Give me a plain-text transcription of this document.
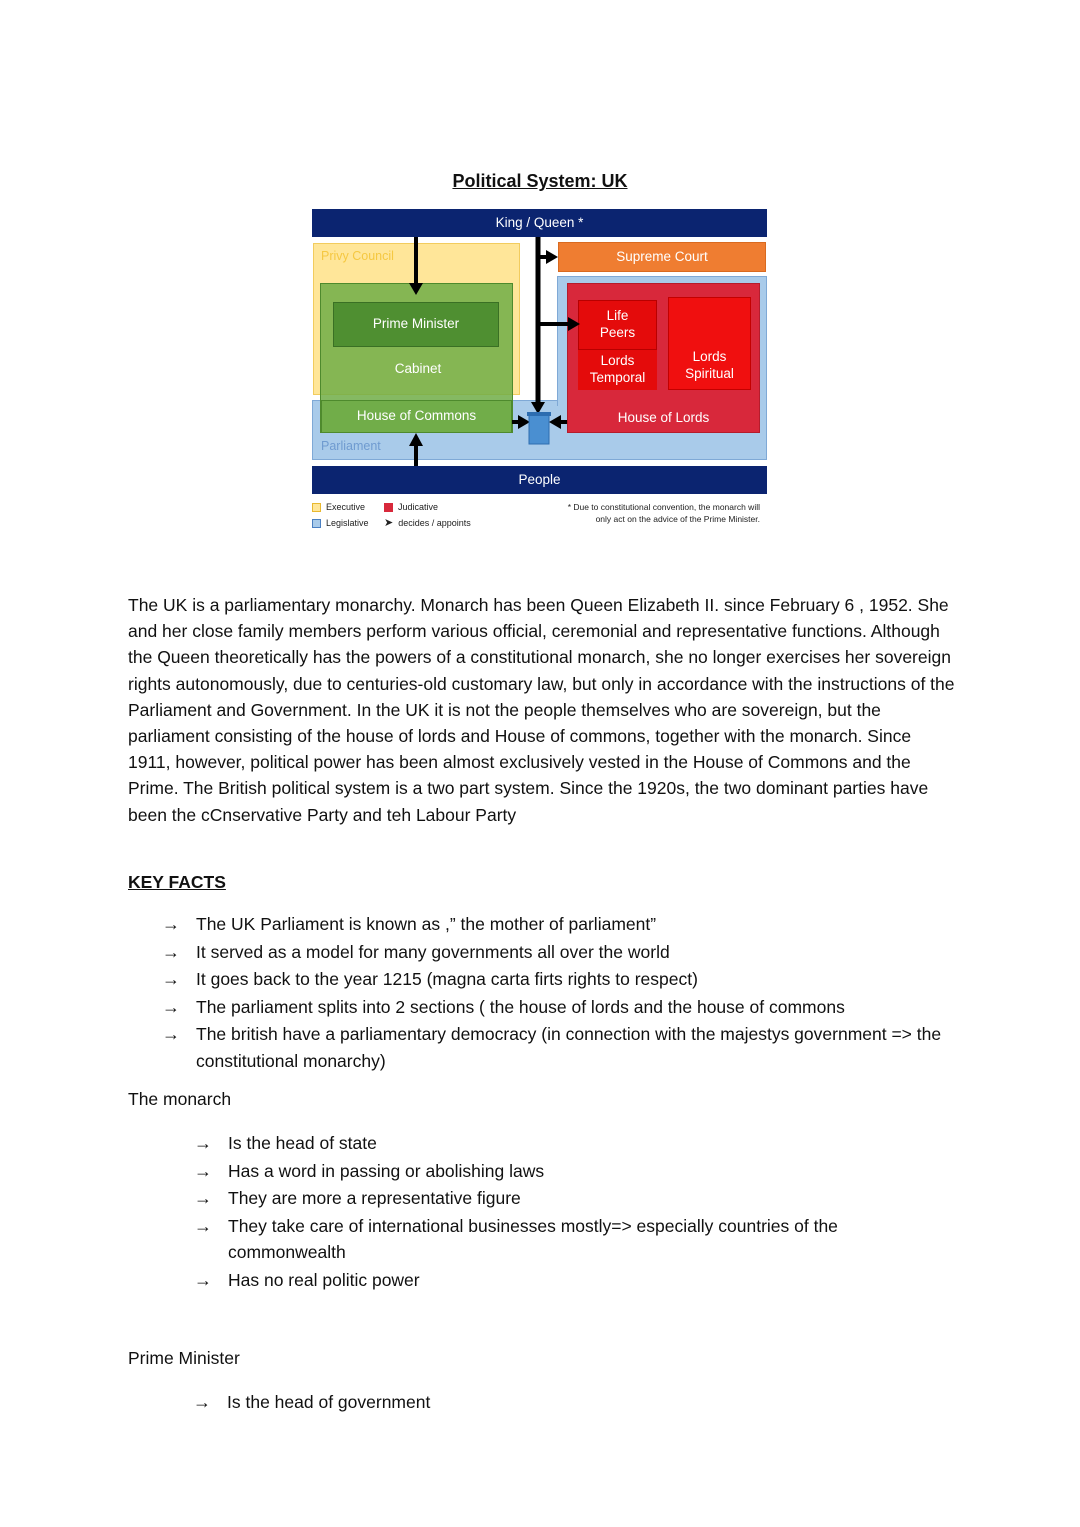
Political System: UK
King / Queen *
Parliament
Privy Council
Prime Minister
Cabinet
House of Commons
Supreme Court
Life Peers
Lords Temporal
Lords Spiritual
House of Lords
People
Executive	Judicative
Legislative ➤ decides / appoints
* Due to constitutional convention, the monarch will
only act on the advice of the Prime Minister.
The UK is a parliamentary monarchy. Monarch has been Queen Elizabeth II. since February 6 , 1952. She and her close family members perform various official, ceremonial and representative functions. Although the Queen theoretically has the powers of a constitutional monarch, she no longer exercises her sovereign rights autonomously, due to centuries-old customary law, but only in accordance with the instructions of the Parliament and Government. In the UK it is not the people themselves who are sovereign, but the parliament consisting of the house of lords and House of commons, together with the monarch. Since 1911, however, political power has been almost exclusively vested in the House of Commons and the Prime. The British political system is a two part system. Since the 1920s, the two dominant parties have been the cCnservative Party and teh Labour Party
KEY FACTS
→ The UK Parliament is known as ,” the mother of parliament”
→ It served as a model for many governments all over the world
→ It goes back to the year 1215 (magna carta firts rights to respect)
→ The parliament splits into 2 sections ( the house of lords and the house of commons
→ The british have a parliamentary democracy (in connection with the majestys government => the constitutional monarchy)
The monarch
→ Is the head of state
→ Has a word in passing or abolishing laws
→ They are more a representative figure
→ They take care of international businesses mostly=> especially countries of the commonwealth
→ Has no real politic power
Prime Minister
→ Is the head of government
